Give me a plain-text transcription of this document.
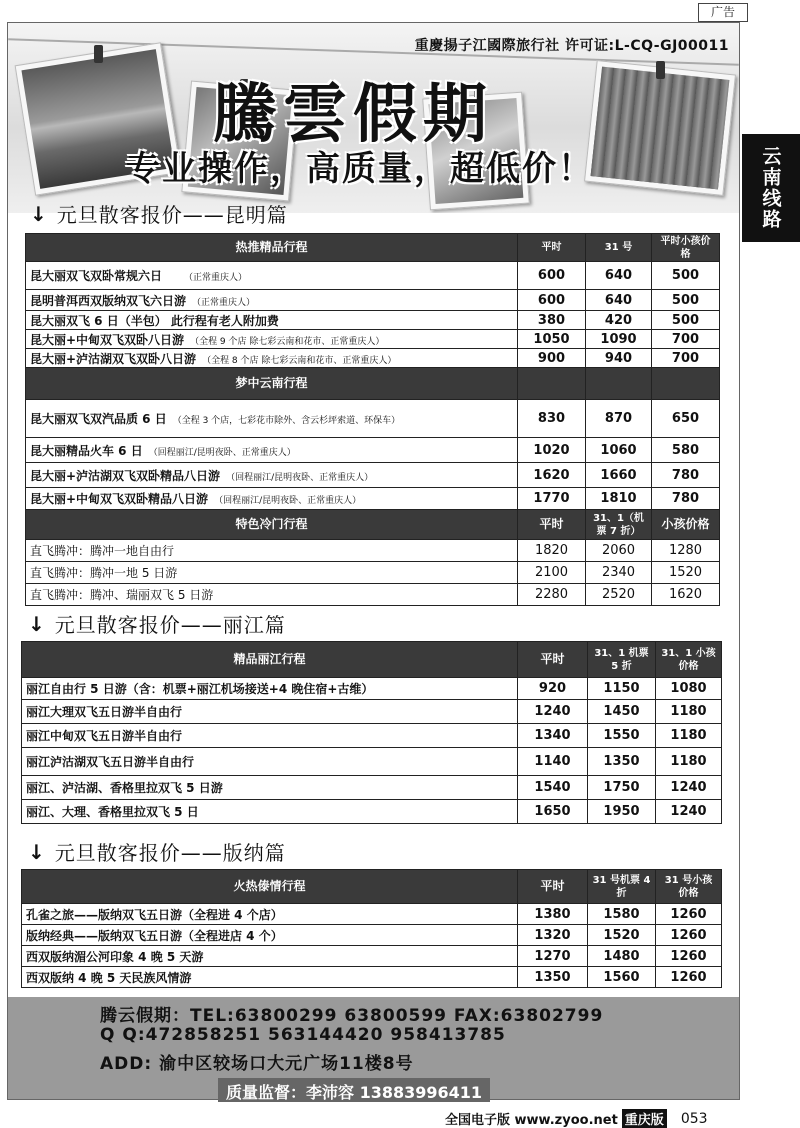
广告
云南线路
重慶揚子江國際旅行社 许可证:L-CQ-GJ00011
騰雲假期
专业操作，高质量，超低价！
↓ 元旦散客报价——昆明篇
热推精品行程	平时	31 号	平时小孩价格
昆大丽双飞双卧常规六日 （正常重庆人）	600	640	500
昆明普洱西双版纳双飞六日游 （正常重庆人）	600	640	500
昆大丽双飞 6 日（半包） 此行程有老人附加费	380	420	500
昆大丽+中甸双飞双卧八日游 （全程 9 个店 除七彩云南和花市、正常重庆人）	1050	1090	700
昆大丽+泸沽湖双飞双卧八日游 （全程 8 个店 除七彩云南和花市、正常重庆人）	900	940	700
梦中云南行程			
昆大丽双飞双汽品质 6 日 （全程 3 个店，七彩花市除外、含云杉坪索道、环保车）	830	870	650
昆大丽精品火车 6 日 （回程丽江/昆明夜卧、正常重庆人）	1020	1060	580
昆大丽+泸沽湖双飞双卧精品八日游 （回程丽江/昆明夜卧、正常重庆人）	1620	1660	780
昆大丽+中甸双飞双卧精品八日游 （回程丽江/昆明夜卧、正常重庆人）	1770	1810	780
特色冷门行程	平时	31、1（机票 7 折）	小孩价格
直飞腾冲：腾冲一地自由行	1820	2060	1280
直飞腾冲：腾冲一地 5 日游	2100	2340	1520
直飞腾冲：腾冲、瑞丽双飞 5 日游	2280	2520	1620
↓ 元旦散客报价——丽江篇
精品丽江行程	平时	31、1 机票 5 折	31、1 小孩价格
丽江自由行 5 日游（含：机票+丽江机场接送+4 晚住宿+古维）	920	1150	1080
丽江大理双飞五日游半自由行	1240	1450	1180
丽江中甸双飞五日游半自由行	1340	1550	1180
丽江泸沽湖双飞五日游半自由行	1140	1350	1180
丽江、泸沽湖、香格里拉双飞 5 日游	1540	1750	1240
丽江、大理、香格里拉双飞 5 日	1650	1950	1240
↓ 元旦散客报价——版纳篇
火热傣情行程	平时	31 号机票 4 折	31 号小孩价格
孔雀之旅——版纳双飞五日游（全程进 4 个店）	1380	1580	1260
版纳经典——版纳双飞五日游（全程进店 4 个）	1320	1520	1260
西双版纳湄公河印象 4 晚 5 天游	1270	1480	1260
西双版纳 4 晚 5 天民族风情游	1350	1560	1260
腾云假期：TEL:63800299 63800599 FAX:63802799
Q Q:472858251 563144420 958413785
ADD: 渝中区较场口大元广场11楼8号
质量监督：李沛容 13883996411
全国电子版 www.zyoo.net 重庆版 053
